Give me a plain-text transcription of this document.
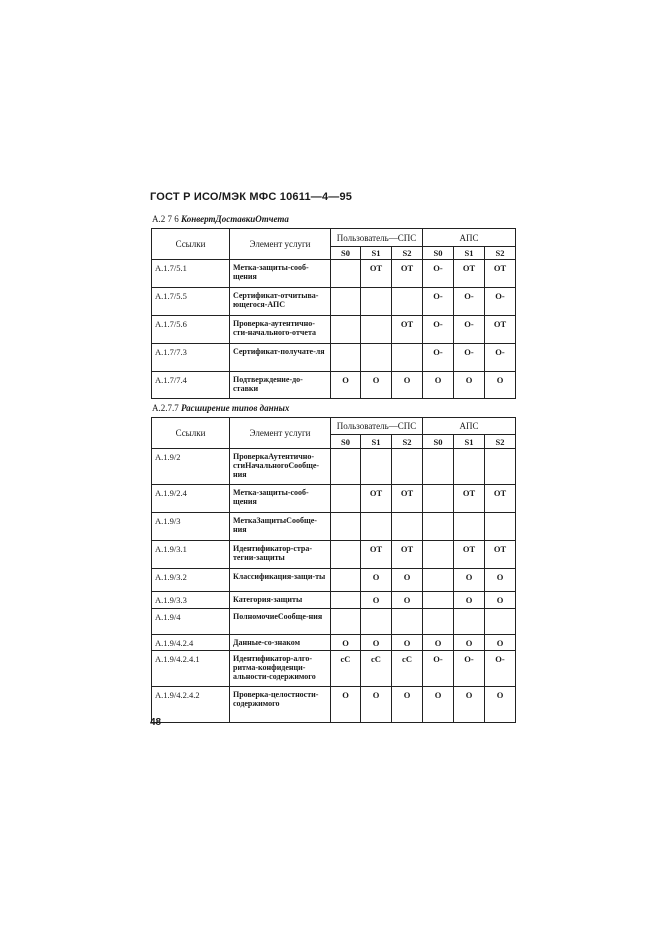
ГОСТ Р ИСО/МЭК МФС 10611—4—95
А.2 7 6 КонвертДоставкиОтчета
Ссылки	Элемент услуги	Пользователь—СПС			АПС		
		S0	S1	S2	S0	S1	S2
А.1.7/5.1	Метка-защиты-сооб-щения		ОТ	ОТ	О-	ОТ	ОТ
А.1.7/5.5	Сертификат-отчитыва-ющегося-АПС				О-	О-	О-
А.1.7/5.6	Проверка-аутентично-сти-начального-отчета			ОТ	О-	О-	ОТ
А.1.7/7.3	Сертификат-получате-ля				О-	О-	О-
А.1.7/7.4	Подтверждение-до-ставки	О	О	О	О	О	О
А.2.7.7 Расширение типов данных
Ссылки	Элемент услуги	Пользователь—СПС			АПС		
		S0	S1	S2	S0	S1	S2
А.1.9/2	ПроверкаАутентично-стиНачальногоСообще-ния						
А.1.9/2.4	Метка-защиты-сооб-щения		ОТ	ОТ		ОТ	ОТ
А.1.9/3	МеткаЗащитыСообще-ния						
А.1.9/3.1	Идентификатор-стра-тегии-защиты		ОТ	ОТ		ОТ	ОТ
А.1.9/3.2	Классификация-защи-ты		О	О		О	О
А.1.9/3.3	Категория-защиты		О	О		О	О
А.1.9/4	ПолномочиеСообще-ния						
А.1.9/4.2.4	Данные-со-знаком	О	О	О	О	О	О
А.1.9/4.2.4.1	Идентификатор-алго-ритма-конфиденци-альности-содержимого	сС	сС	сС	О-	О-	О-
А.1.9/4.2.4.2	Проверка-целостности-содержимого	О	О	О	О	О	О
48
